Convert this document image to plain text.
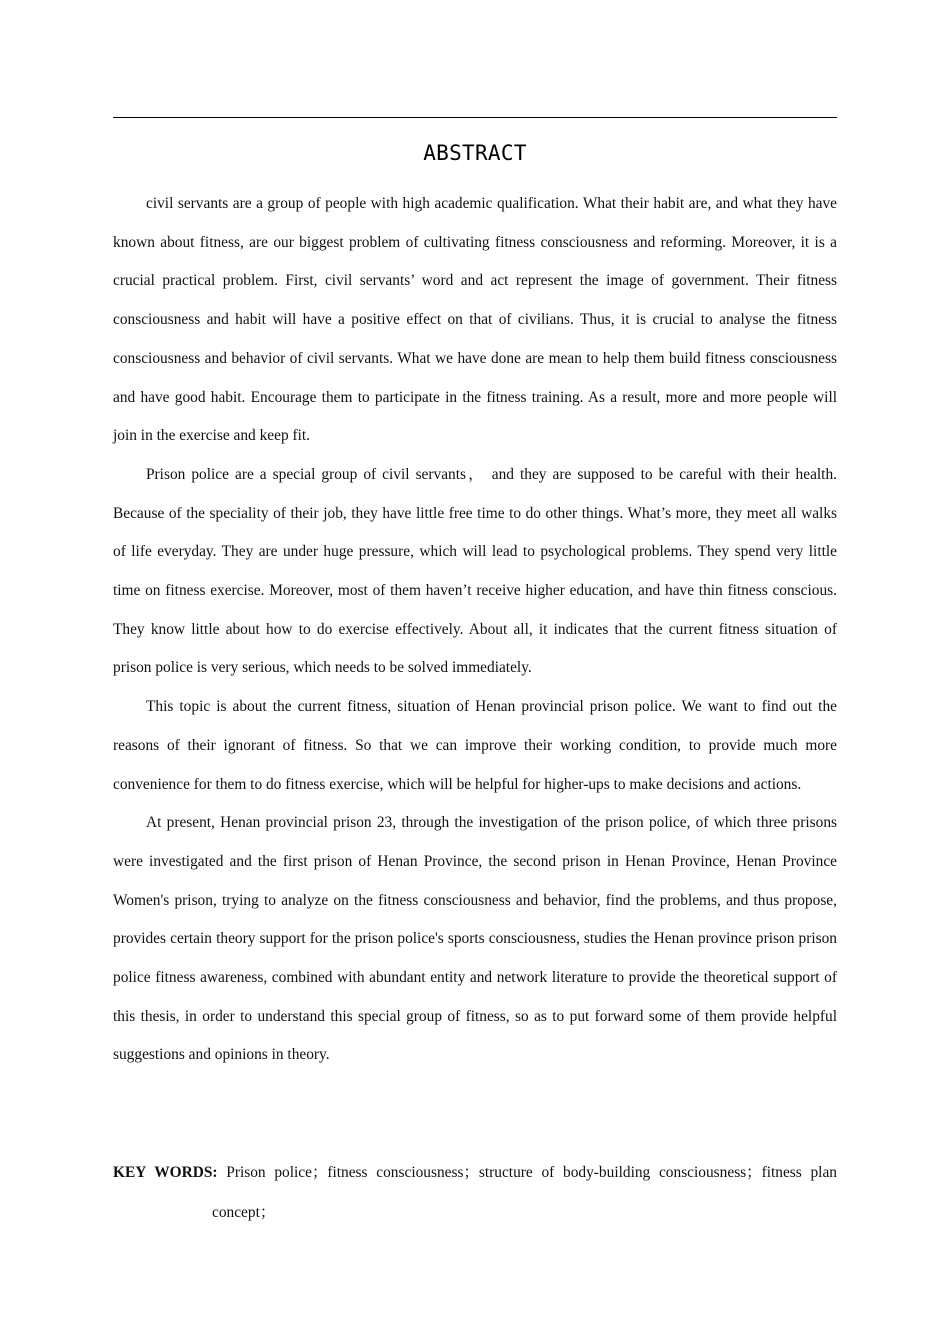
ABSTRACT

civil servants are a group of people with high academic qualification. What their habit are, and what they have known about fitness, are our biggest problem of cultivating fitness consciousness and reforming. Moreover, it is a crucial practical problem. First, civil servants’ word and act represent the image of government. Their fitness consciousness and habit will have a positive effect on that of civilians. Thus, it is crucial to analyse the fitness consciousness and behavior of civil servants. What we have done are mean to help them build fitness consciousness and have good habit. Encourage them to participate in the fitness training. As a result, more and more people will join in the exercise and keep fit.

Prison police are a special group of civil servants， and they are supposed to be careful with their health. Because of the speciality of their job, they have little free time to do other things. What’s more, they meet all walks of life everyday. They are under huge pressure, which will lead to psychological problems. They spend very little time on fitness exercise. Moreover, most of them haven’t receive higher education, and have thin fitness conscious. They know little about how to do exercise effectively. About all, it indicates that the current fitness situation of prison police is very serious, which needs to be solved immediately.

This topic is about the current fitness, situation of Henan provincial prison police. We want to find out the reasons of their ignorant of fitness. So that we can improve their working condition, to provide much more convenience for them to do fitness exercise, which will be helpful for higher-ups to make decisions and actions.

At present, Henan provincial prison 23, through the investigation of the prison police, of which three prisons were investigated and the first prison of Henan Province, the second prison in Henan Province, Henan Province Women's prison, trying to analyze on the fitness consciousness and behavior, find the problems, and thus propose, provides certain theory support for the prison police's sports consciousness, studies the Henan province prison prison police fitness awareness, combined with abundant entity and network literature to provide the theoretical support of this thesis, in order to understand this special group of fitness, so as to put forward some of them provide helpful suggestions and opinions in theory.

KEY WORDS: Prison police；fitness consciousness；structure of body-building consciousness；fitness plan concept；
